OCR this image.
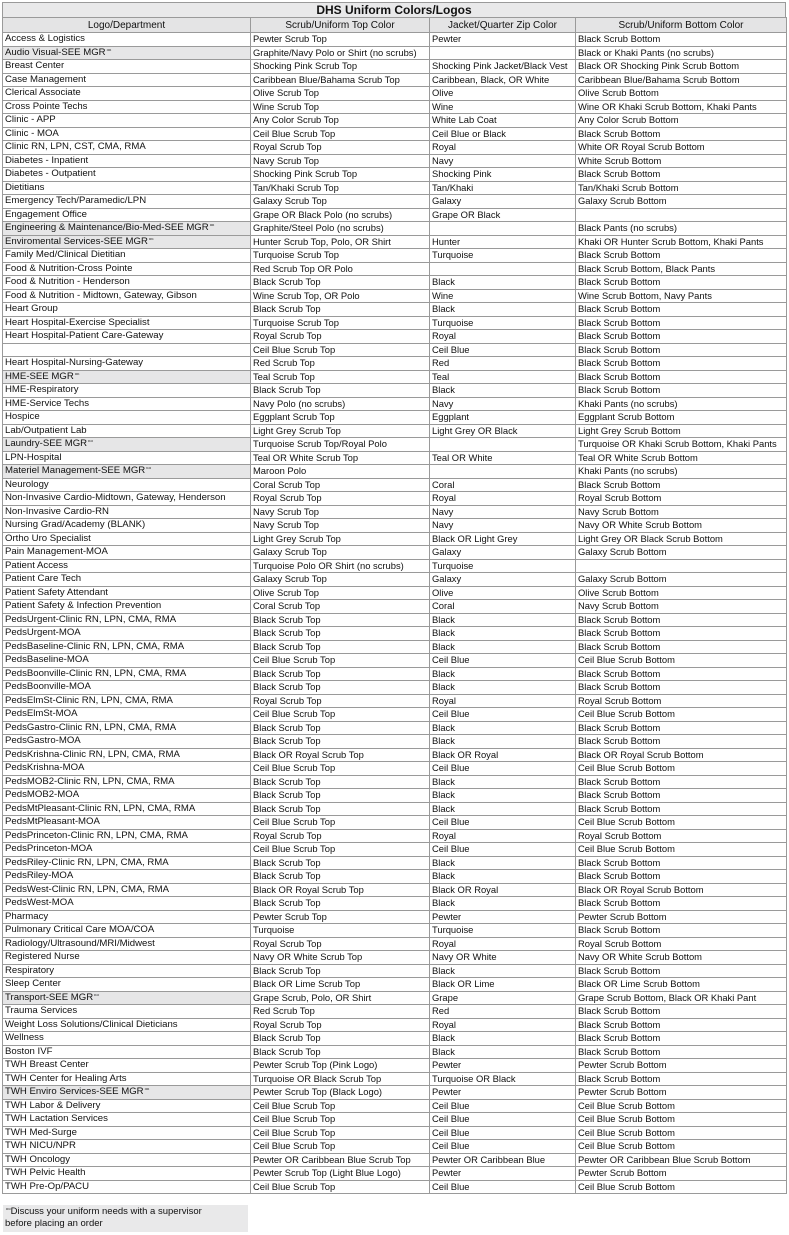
DHS Uniform Colors/Logos
Logo/Department	Scrub/Uniform Top Color	Jacket/Quarter Zip Color	Scrub/Uniform Bottom Color
Access & Logistics	Pewter Scrub Top	Pewter	Black Scrub Bottom
Audio Visual-SEE MGR““	Graphite/Navy Polo or Shirt (no scrubs)		Black or Khaki Pants (no scrubs)
Breast Center	Shocking Pink Scrub Top	Shocking Pink Jacket/Black Vest	Black OR Shocking Pink Scrub Bottom
Case Management	Caribbean Blue/Bahama Scrub Top	Caribbean, Black, OR White	Caribbean Blue/Bahama Scrub Bottom
Clerical Associate	Olive Scrub Top	Olive	Olive Scrub Bottom
Cross Pointe Techs	Wine Scrub Top	Wine	Wine OR Khaki Scrub Bottom, Khaki Pants
Clinic - APP	Any Color Scrub Top	White Lab Coat	Any Color Scrub Bottom
Clinic - MOA	Ceil Blue Scrub Top	Ceil Blue or Black	Black Scrub Bottom
Clinic RN, LPN, CST, CMA, RMA	Royal Scrub Top	Royal	White OR Royal Scrub Bottom
Diabetes - Inpatient	Navy Scrub Top	Navy	White Scrub Bottom
Diabetes - Outpatient	Shocking Pink Scrub Top	Shocking Pink	Black Scrub Bottom
Dietitians	Tan/Khaki Scrub Top	Tan/Khaki	Tan/Khaki Scrub Bottom
Emergency Tech/Paramedic/LPN	Galaxy Scrub Top	Galaxy	Galaxy Scrub Bottom
Engagement Office	Grape OR Black Polo (no scrubs)	Grape OR Black	
Engineering & Maintenance/Bio-Med-SEE MGR““	Graphite/Steel Polo (no scrubs)		Black Pants (no scrubs)
Enviromental Services-SEE MGR““	Hunter Scrub Top, Polo, OR Shirt	Hunter	Khaki OR Hunter Scrub Bottom, Khaki Pants
Family Med/Clinical Dietitian	Turquoise Scrub Top	Turquoise	Black Scrub Bottom
Food & Nutrition-Cross Pointe	Red Scrub Top OR Polo		Black Scrub Bottom, Black Pants
Food & Nutrition - Henderson	Black Scrub Top	Black	Black Scrub Bottom
Food & Nutrition - Midtown, Gateway, Gibson	Wine Scrub Top, OR Polo	Wine	Wine Scrub Bottom, Navy Pants
Heart Group	Black Scrub Top	Black	Black Scrub Bottom
Heart Hospital-Exercise Specialist	Turquoise Scrub Top	Turquoise	Black Scrub Bottom
Heart Hospital-Patient Care-Gateway	Royal Scrub Top	Royal	Black Scrub Bottom
	Ceil Blue Scrub Top	Ceil Blue	Black Scrub Bottom
Heart Hospital-Nursing-Gateway	Red Scrub Top	Red	Black Scrub Bottom
HME-SEE MGR““	Teal Scrub Top	Teal	Black Scrub Bottom
HME-Respiratory	Black Scrub Top	Black	Black Scrub Bottom
HME-Service Techs	Navy Polo (no scrubs)	Navy	Khaki Pants (no scrubs)
Hospice	Eggplant Scrub Top	Eggplant	Eggplant Scrub Bottom
Lab/Outpatient Lab	Light Grey Scrub Top	Light Grey OR Black	Light Grey Scrub Bottom
Laundry-SEE MGR““	Turquoise Scrub Top/Royal Polo		Turquoise OR Khaki Scrub Bottom, Khaki Pants
LPN-Hospital	Teal OR White Scrub Top	Teal OR White	Teal OR White Scrub Bottom
Materiel Management-SEE MGR““	Maroon Polo		Khaki Pants (no scrubs)
Neurology	Coral Scrub Top	Coral	Black Scrub Bottom
Non-Invasive Cardio-Midtown, Gateway, Henderson	Royal Scrub Top	Royal	Royal Scrub Bottom
Non-Invasive Cardio-RN	Navy Scrub Top	Navy	Navy Scrub Bottom
Nursing Grad/Academy (BLANK)	Navy Scrub Top	Navy	Navy OR White Scrub Bottom
Ortho Uro Specialist	Light Grey Scrub Top	Black OR Light Grey	Light Grey OR Black Scrub Bottom
Pain Management-MOA	Galaxy Scrub Top	Galaxy	Galaxy Scrub Bottom
Patient Access	Turquoise Polo OR Shirt (no scrubs)	Turquoise	
Patient Care Tech	Galaxy Scrub Top	Galaxy	Galaxy Scrub Bottom
Patient Safety Attendant	Olive Scrub Top	Olive	Olive Scrub Bottom
Patient Safety & Infection Prevention	Coral Scrub Top	Coral	Navy Scrub Bottom
PedsUrgent-Clinic RN, LPN, CMA, RMA	Black Scrub Top	Black	Black Scrub Bottom
PedsUrgent-MOA	Black Scrub Top	Black	Black Scrub Bottom
PedsBaseline-Clinic RN, LPN, CMA, RMA	Black Scrub Top	Black	Black Scrub Bottom
PedsBaseline-MOA	Ceil Blue Scrub Top	Ceil Blue	Ceil Blue Scrub Bottom
PedsBoonville-Clinic RN, LPN, CMA, RMA	Black Scrub Top	Black	Black Scrub Bottom
PedsBoonville-MOA	Black Scrub Top	Black	Black Scrub Bottom
PedsElmSt-Clinic RN, LPN, CMA, RMA	Royal Scrub Top	Royal	Royal Scrub Bottom
PedsElmSt-MOA	Ceil Blue Scrub Top	Ceil Blue	Ceil Blue Scrub Bottom
PedsGastro-Clinic RN, LPN, CMA, RMA	Black Scrub Top	Black	Black Scrub Bottom
PedsGastro-MOA	Black Scrub Top	Black	Black Scrub Bottom
PedsKrishna-Clinic RN, LPN, CMA, RMA	Black OR Royal Scrub Top	Black OR Royal	Black OR Royal Scrub Bottom
PedsKrishna-MOA	Ceil Blue Scrub Top	Ceil Blue	Ceil Blue Scrub Bottom
PedsMOB2-Clinic RN, LPN, CMA, RMA	Black Scrub Top	Black	Black Scrub Bottom
PedsMOB2-MOA	Black Scrub Top	Black	Black Scrub Bottom
PedsMtPleasant-Clinic RN, LPN, CMA, RMA	Black Scrub Top	Black	Black Scrub Bottom
PedsMtPleasant-MOA	Ceil Blue Scrub Top	Ceil Blue	Ceil Blue Scrub Bottom
PedsPrinceton-Clinic RN, LPN, CMA, RMA	Royal Scrub Top	Royal	Royal Scrub Bottom
PedsPrinceton-MOA	Ceil Blue Scrub Top	Ceil Blue	Ceil Blue Scrub Bottom
PedsRiley-Clinic RN, LPN, CMA, RMA	Black Scrub Top	Black	Black Scrub Bottom
PedsRiley-MOA	Black Scrub Top	Black	Black Scrub Bottom
PedsWest-Clinic RN, LPN, CMA, RMA	Black OR Royal Scrub Top	Black OR Royal	Black OR Royal Scrub Bottom
PedsWest-MOA	Black Scrub Top	Black	Black Scrub Bottom
Pharmacy	Pewter Scrub Top	Pewter	Pewter Scrub Bottom
Pulmonary Critical Care MOA/COA	Turquoise	Turquoise	Black Scrub Bottom
Radiology/Ultrasound/MRI/Midwest	Royal Scrub Top	Royal	Royal Scrub Bottom
Registered Nurse	Navy OR White Scrub Top	Navy OR White	Navy OR White Scrub Bottom
Respiratory	Black Scrub Top	Black	Black Scrub Bottom
Sleep Center	Black OR Lime Scrub Top	Black OR Lime	Black OR Lime Scrub Bottom
Transport-SEE MGR““	Grape Scrub, Polo, OR Shirt	Grape	Grape Scrub Bottom, Black OR Khaki Pant
Trauma Services	Red Scrub Top	Red	Black Scrub Bottom
Weight Loss Solutions/Clinical Dieticians	Royal Scrub Top	Royal	Black Scrub Bottom
Wellness	Black Scrub Top	Black	Black Scrub Bottom
Boston IVF	Black Scrub Top	Black	Black Scrub Bottom
TWH Breast Center	Pewter Scrub Top (Pink Logo)	Pewter	Pewter Scrub Bottom
TWH Center for Healing Arts	Turquoise OR Black Scrub Top	Turquoise OR Black	Black Scrub Bottom
TWH Enviro Services-SEE MGR““	Pewter Scrub Top (Black Logo)	Pewter	Pewter Scrub Bottom
TWH Labor & Delivery	Ceil Blue Scrub Top	Ceil Blue	Ceil Blue Scrub Bottom
TWH Lactation Services	Ceil Blue Scrub Top	Ceil Blue	Ceil Blue Scrub Bottom
TWH Med-Surge	Ceil Blue Scrub Top	Ceil Blue	Ceil Blue Scrub Bottom
TWH NICU/NPR	Ceil Blue Scrub Top	Ceil Blue	Ceil Blue Scrub Bottom
TWH Oncology	Pewter OR Caribbean Blue Scrub Top	Pewter OR Caribbean Blue	Pewter OR Caribbean Blue Scrub Bottom
TWH Pelvic Health	Pewter Scrub Top (Light Blue Logo)	Pewter	Pewter Scrub Bottom
TWH Pre-Op/PACU	Ceil Blue Scrub Top	Ceil Blue	Ceil Blue Scrub Bottom
““Discuss your uniform needs with a supervisor
before placing an order
